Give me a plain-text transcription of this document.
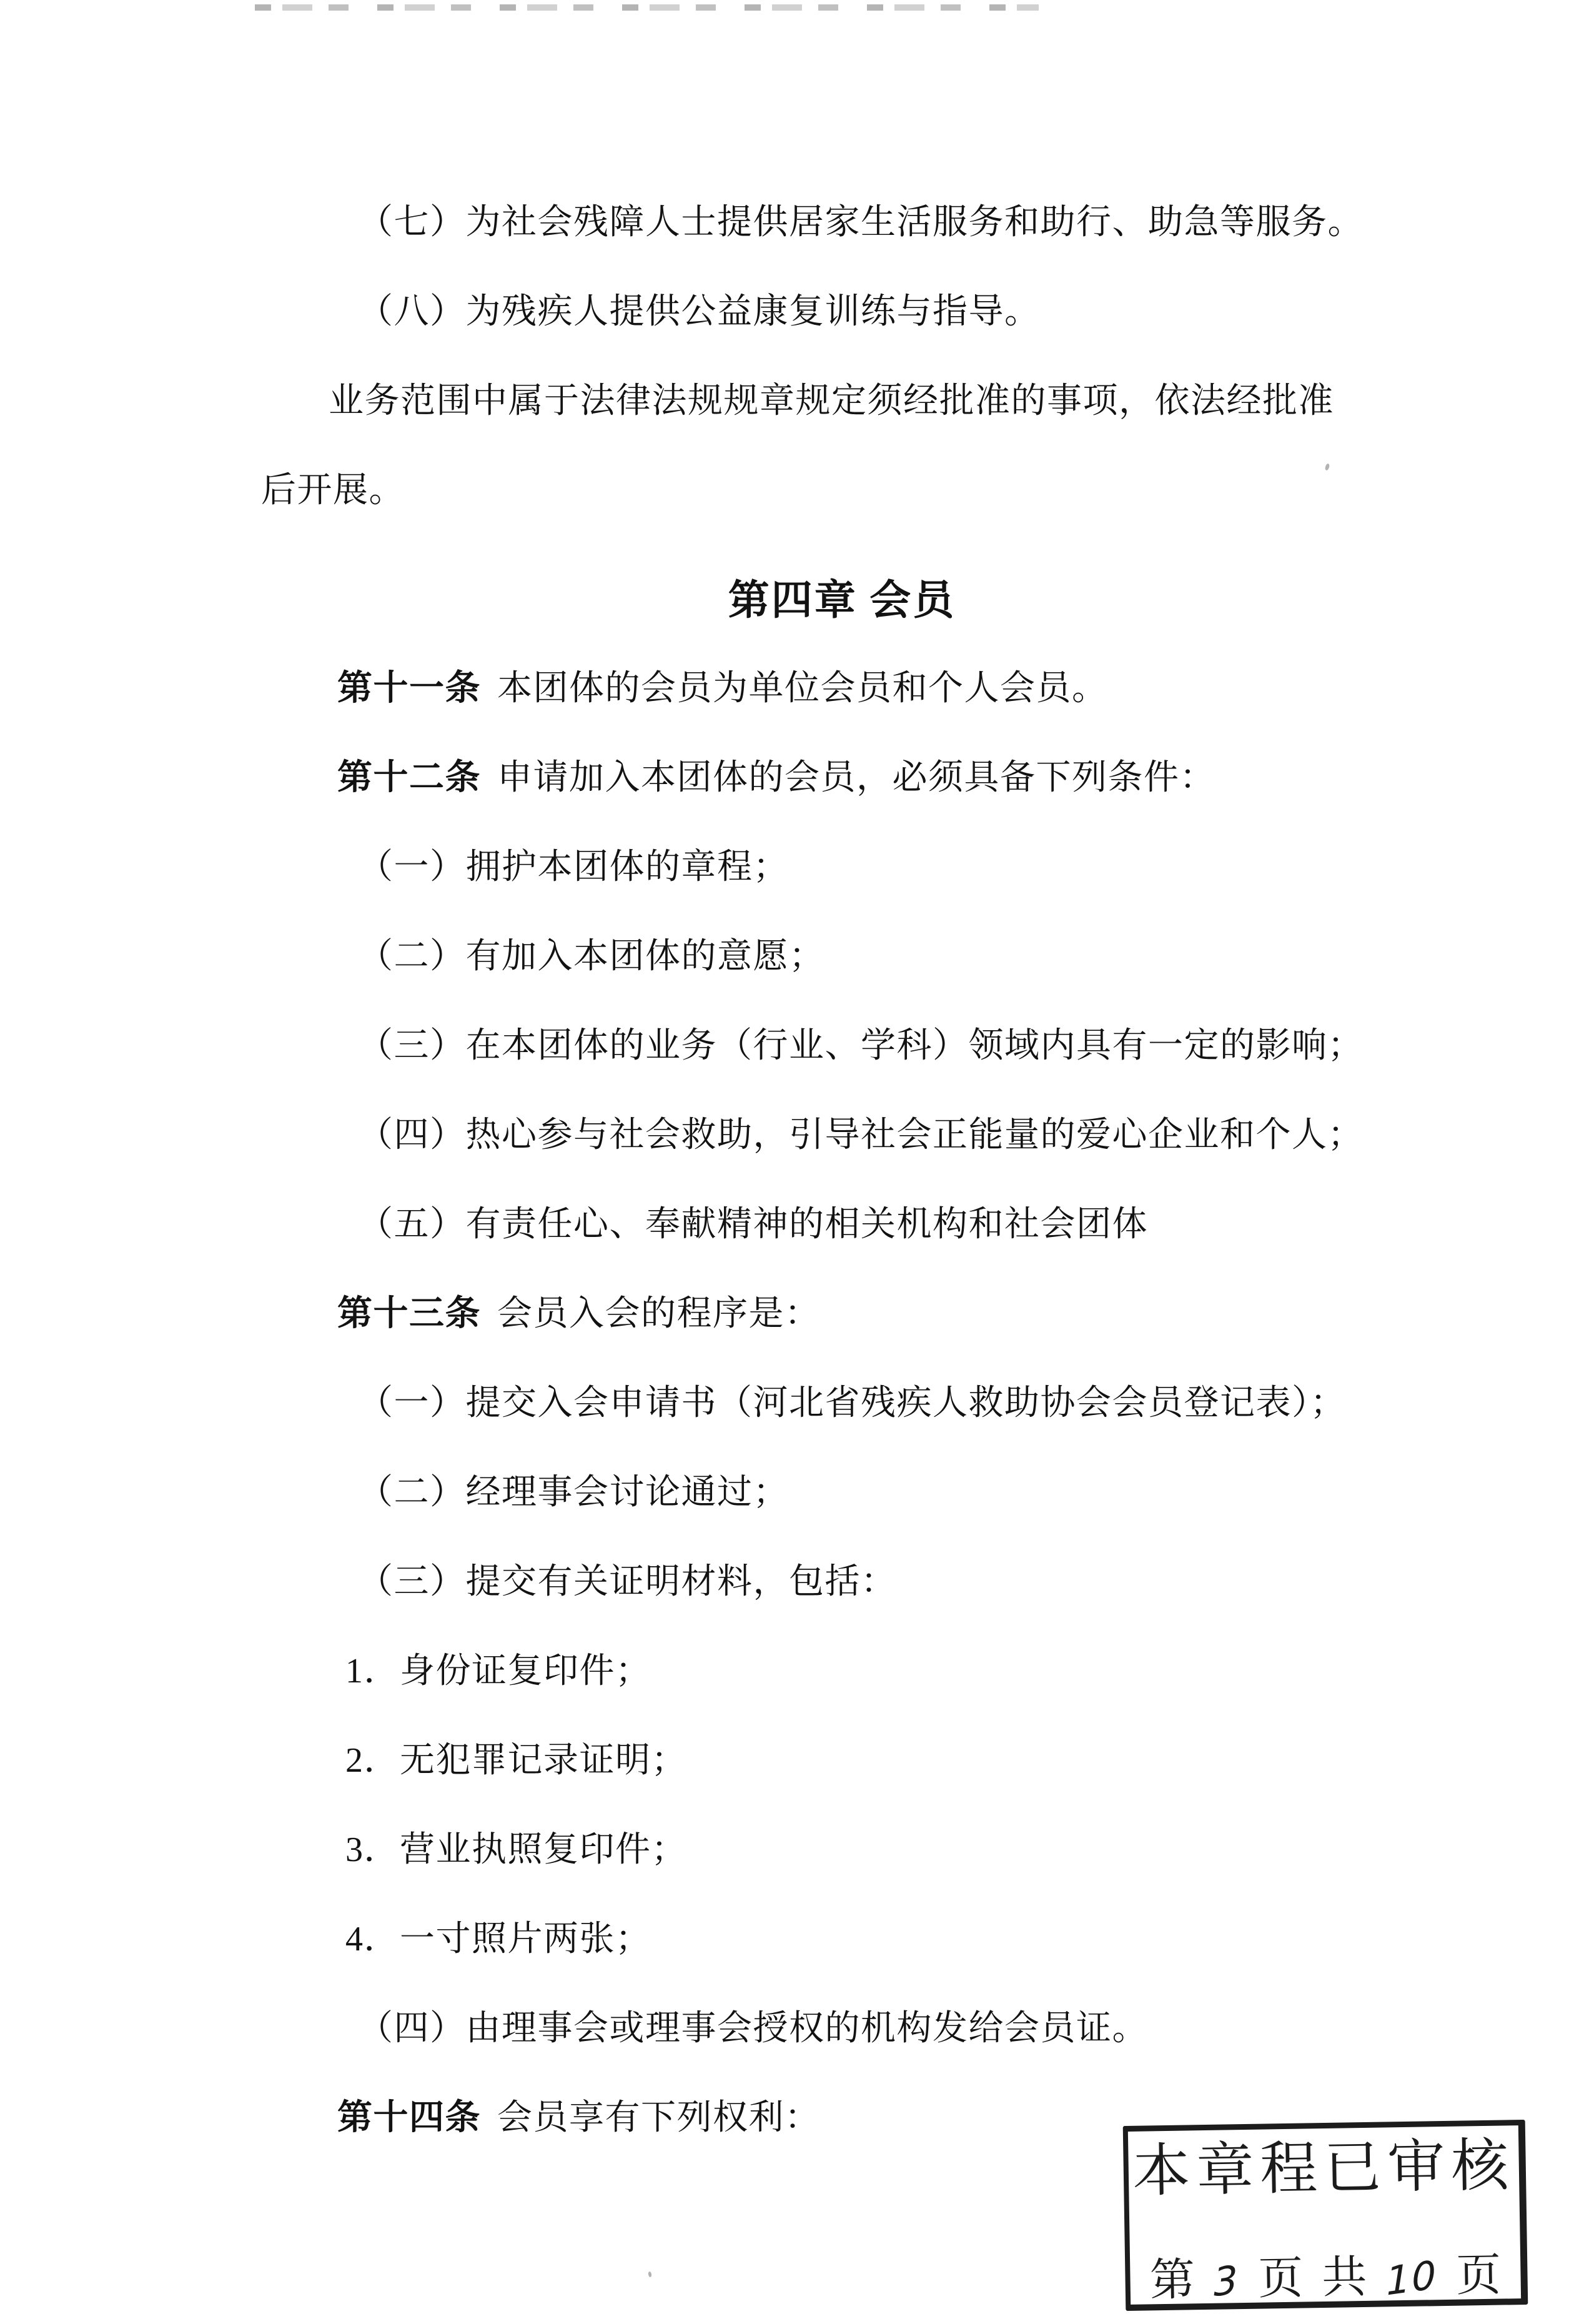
（七）为社会残障人士提供居家生活服务和助行、助急等服务。
（八）为残疾人提供公益康复训练与指导。
业务范围中属于法律法规规章规定须经批准的事项，依法经批准
后开展。
第四章 会员
第十一条 本团体的会员为单位会员和个人会员。
第十二条 申请加入本团体的会员，必须具备下列条件：
（一）拥护本团体的章程；
（二）有加入本团体的意愿；
（三）在本团体的业务（行业、学科）领域内具有一定的影响；
（四）热心参与社会救助，引导社会正能量的爱心企业和个人；
（五）有责任心、奉献精神的相关机构和社会团体
第十三条 会员入会的程序是：
（一）提交入会申请书（河北省残疾人救助协会会员登记表）；
（二）经理事会讨论通过；
（三）提交有关证明材料，包括：
1．身份证复印件；
2．无犯罪记录证明；
3．营业执照复印件；
4．一寸照片两张；
（四）由理事会或理事会授权的机构发给会员证。
第十四条 会员享有下列权利：
本章程已审核
第 3 页 共 10 页
